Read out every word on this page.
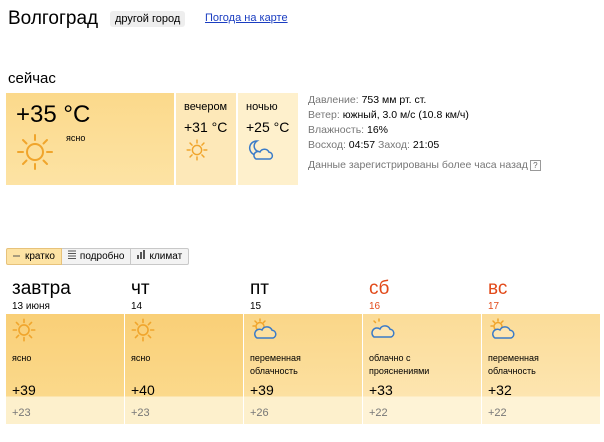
Волгоград	другой город	Погода на карте
сейчас
+35 °C
ясно
вечером
+31 °C
ночью
+25 °C
Давление: 753 мм рт. ст.
Ветер: южный, 3.0 м/с (10.8 км/ч)
Влажность: 16%
Восход: 04:57 Заход: 21:05
Данные зарегистрированы более часа назад ?
кратко	подробно	климат
завтра
13 июня
ясно
+39
+23
чт
14
ясно
+40
+23
пт
15
переменная облачность
+39
+26
сб
16
облачно с прояснениями
+33
+22
вс
17
переменная облачность
+32
+22
